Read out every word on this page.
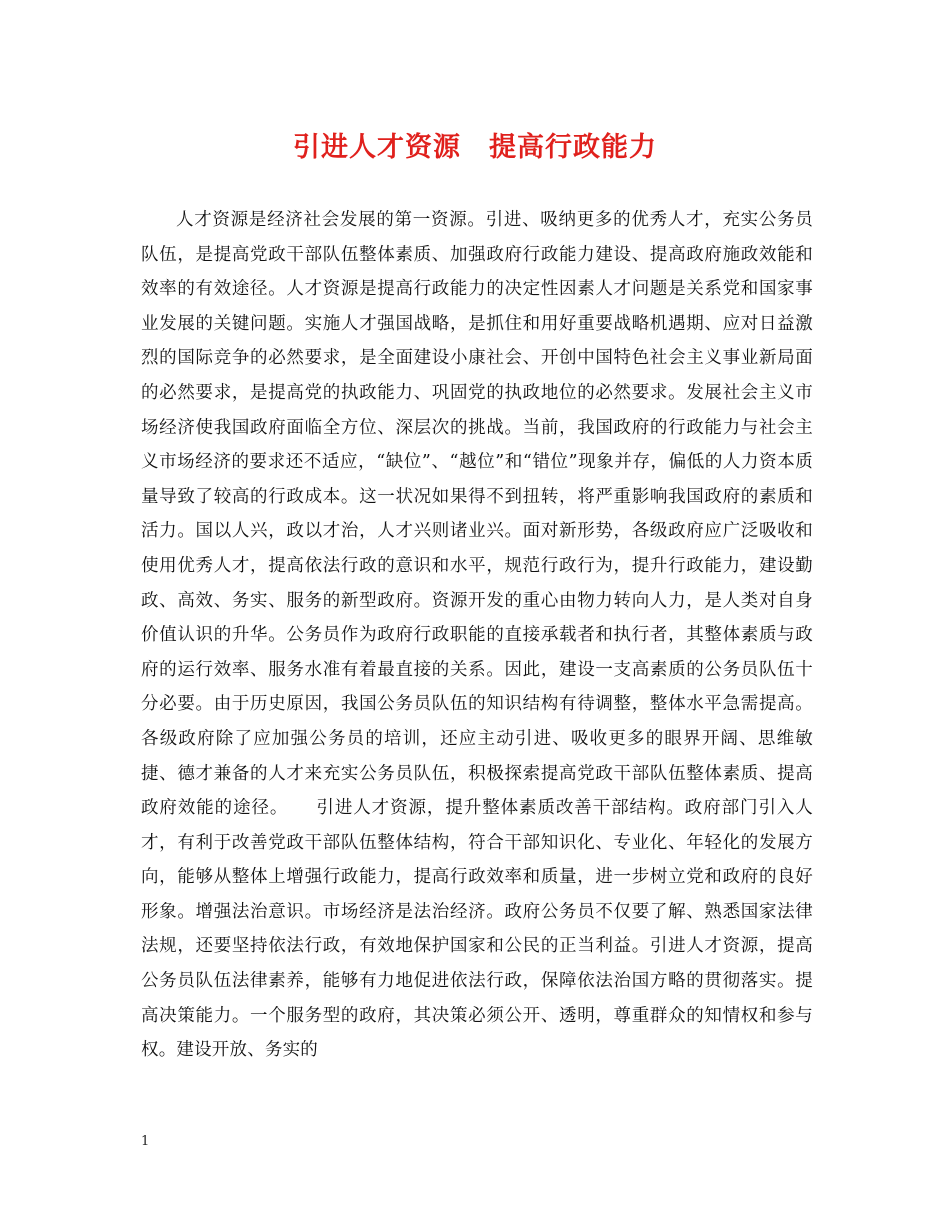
引进人才资源　提高行政能力

人才资源是经济社会发展的第一资源。引进、吸纳更多的优秀人才，充实公务员队伍，是提高党政干部队伍整体素质、加强政府行政能力建设、提高政府施政效能和效率的有效途径。人才资源是提高行政能力的决定性因素人才问题是关系党和国家事业发展的关键问题。实施人才强国战略，是抓住和用好重要战略机遇期、应对日益激烈的国际竞争的必然要求，是全面建设小康社会、开创中国特色社会主义事业新局面的必然要求，是提高党的执政能力、巩固党的执政地位的必然要求。发展社会主义市场经济使我国政府面临全方位、深层次的挑战。当前，我国政府的行政能力与社会主义市场经济的要求还不适应，“缺位”、“越位”和“错位”现象并存，偏低的人力资本质量导致了较高的行政成本。这一状况如果得不到扭转，将严重影响我国政府的素质和活力。国以人兴，政以才治，人才兴则诸业兴。面对新形势，各级政府应广泛吸收和使用优秀人才，提高依法行政的意识和水平，规范行政行为，提升行政能力，建设勤政、高效、务实、服务的新型政府。资源开发的重心由物力转向人力，是人类对自身价值认识的升华。公务员作为政府行政职能的直接承载者和执行者，其整体素质与政府的运行效率、服务水准有着最直接的关系。因此，建设一支高素质的公务员队伍十分必要。由于历史原因，我国公务员队伍的知识结构有待调整，整体水平急需提高。各级政府除了应加强公务员的培训，还应主动引进、吸收更多的眼界开阔、思维敏捷、德才兼备的人才来充实公务员队伍，积极探索提高党政干部队伍整体素质、提高政府效能的途径。　　引进人才资源，提升整体素质改善干部结构。政府部门引入人才，有利于改善党政干部队伍整体结构，符合干部知识化、专业化、年轻化的发展方向，能够从整体上增强行政能力，提高行政效率和质量，进一步树立党和政府的良好形象。增强法治意识。市场经济是法治经济。政府公务员不仅要了解、熟悉国家法律法规，还要坚持依法行政，有效地保护国家和公民的正当利益。引进人才资源，提高公务员队伍法律素养，能够有力地促进依法行政，保障依法治国方略的贯彻落实。提高决策能力。一个服务型的政府，其决策必须公开、透明，尊重群众的知情权和参与权。建设开放、务实的

1
